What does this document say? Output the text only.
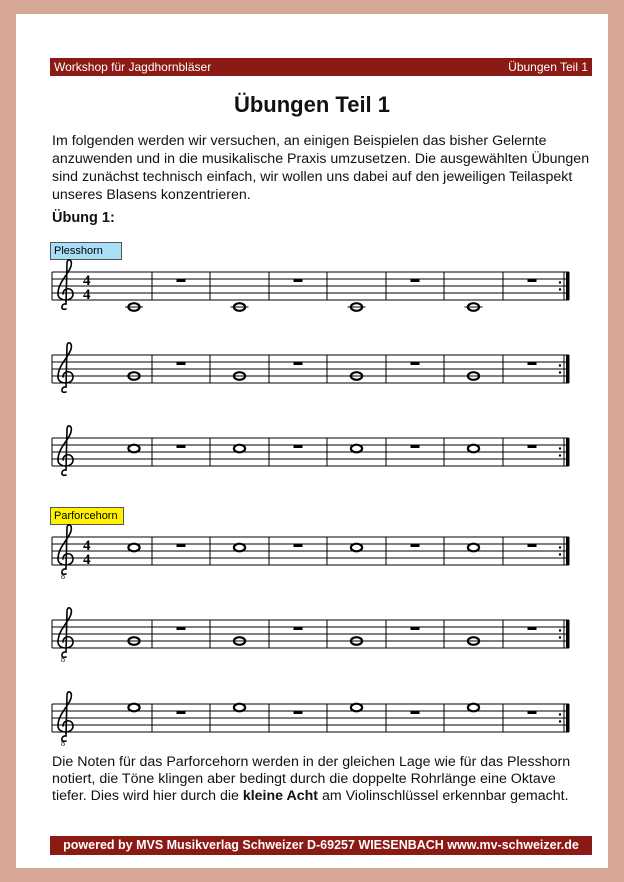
Workshop für Jagdhornbläser	Übungen Teil 1
Übungen Teil 1
Im folgenden werden wir versuchen, an einigen Beispielen das bisher Gelernte anzuwenden und in die musikalische Praxis umzusetzen. Die ausgewählten Übungen sind zunächst technisch einfach, wir wollen uns dabei auf den jeweiligen Teilaspekt unseres Blasens konzentrieren.
Übung 1:
Plesshorn
Parforcehorn
4
4
8
4
4
8
8
Die Noten für das Parforcehorn werden in der gleichen Lage wie für das Plesshorn notiert, die Töne klingen aber bedingt durch die doppelte Rohrlänge eine Oktave tiefer. Dies wird hier durch die kleine Acht am Violinschlüssel erkennbar gemacht.
powered by MVS Musikverlag Schweizer D-69257 WIESENBACH www.mv-schweizer.de
